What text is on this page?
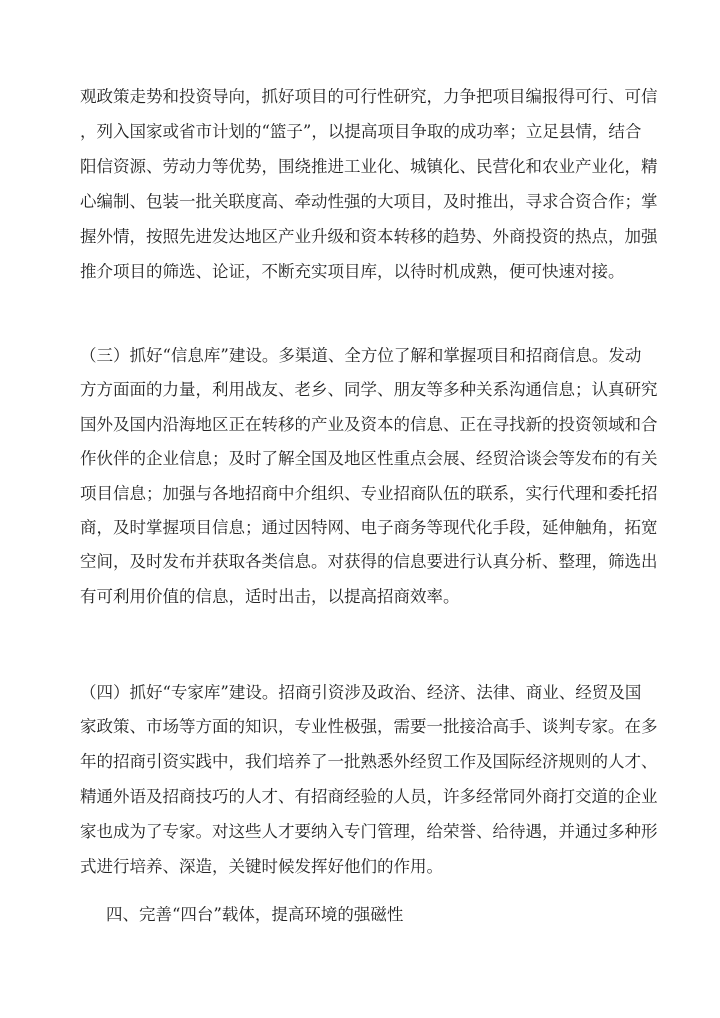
观政策走势和投资导向，抓好项目的可行性研究，力争把项目编报得可行、可信
，列入国家或省市计划的“篮子”，以提高项目争取的成功率；立足县情，结合
阳信资源、劳动力等优势，围绕推进工业化、城镇化、民营化和农业产业化，精
心编制、包装一批关联度高、牵动性强的大项目，及时推出，寻求合资合作；掌
握外情，按照先进发达地区产业升级和资本转移的趋势、外商投资的热点，加强
推介项目的筛选、论证，不断充实项目库，以待时机成熟，便可快速对接。
（三）抓好“信息库”建设。多渠道、全方位了解和掌握项目和招商信息。发动
方方面面的力量，利用战友、老乡、同学、朋友等多种关系沟通信息；认真研究
国外及国内沿海地区正在转移的产业及资本的信息、正在寻找新的投资领域和合
作伙伴的企业信息；及时了解全国及地区性重点会展、经贸洽谈会等发布的有关
项目信息；加强与各地招商中介组织、专业招商队伍的联系，实行代理和委托招
商，及时掌握项目信息；通过因特网、电子商务等现代化手段，延伸触角，拓宽
空间，及时发布并获取各类信息。对获得的信息要进行认真分析、整理，筛选出
有可利用价值的信息，适时出击，以提高招商效率。
（四）抓好“专家库”建设。招商引资涉及政治、经济、法律、商业、经贸及国
家政策、市场等方面的知识，专业性极强，需要一批接洽高手、谈判专家。在多
年的招商引资实践中，我们培养了一批熟悉外经贸工作及国际经济规则的人才、
精通外语及招商技巧的人才、有招商经验的人员，许多经常同外商打交道的企业
家也成为了专家。对这些人才要纳入专门管理，给荣誉、给待遇，并通过多种形
式进行培养、深造，关键时候发挥好他们的作用。
四、完善“四台”载体，提高环境的强磁性
